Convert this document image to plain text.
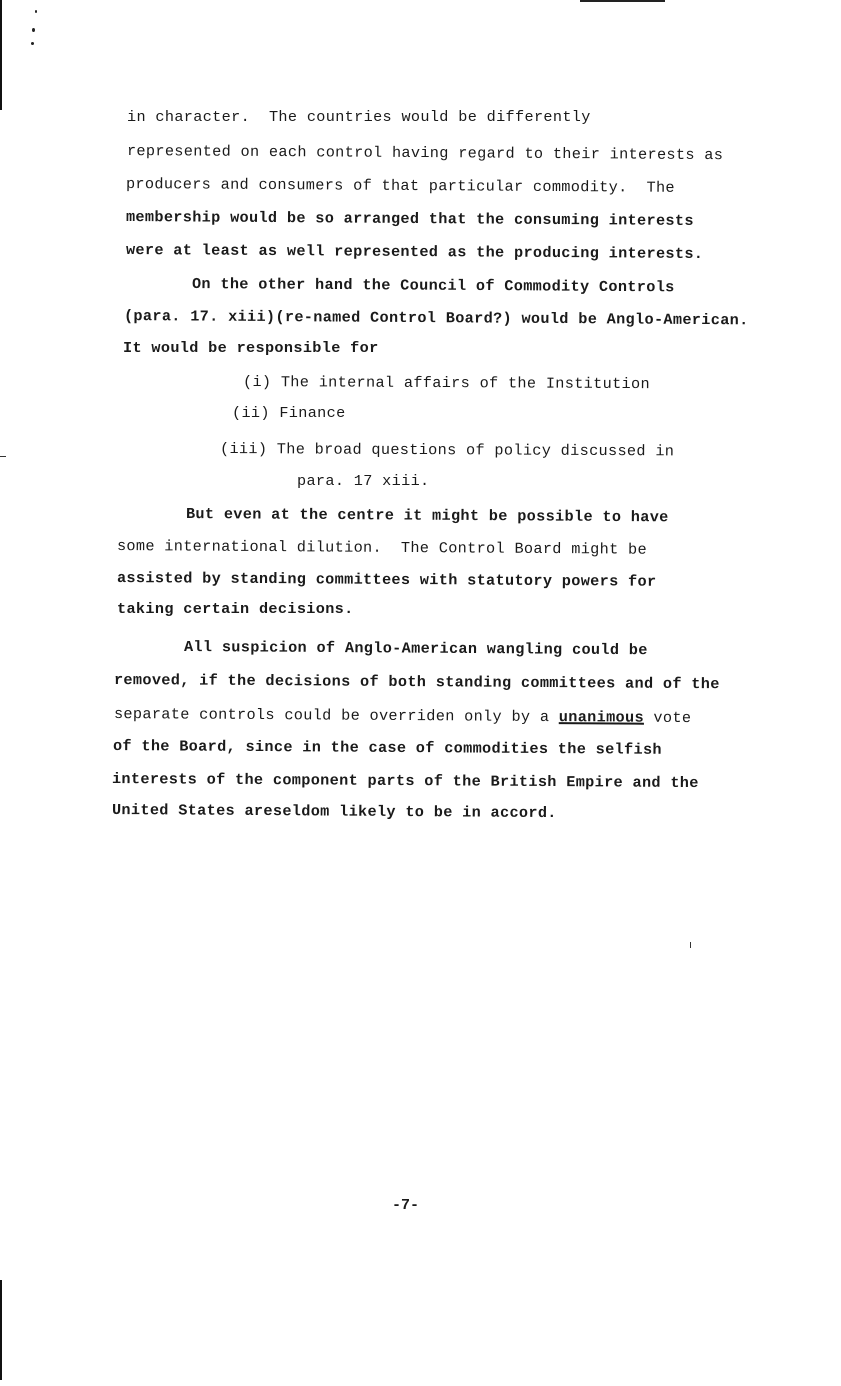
in character.  The countries would be differently
represented on each control having regard to their interests as
producers and consumers of that particular commodity.  The
membership would be so arranged that the consuming interests
were at least as well represented as the producing interests.
On the other hand the Council of Commodity Controls
(para. 17. xiii)(re-named Control Board?) would be Anglo-American.
It would be responsible for
(i) The internal affairs of the Institution
(ii) Finance
(iii) The broad questions of policy discussed in
para. 17 xiii.
But even at the centre it might be possible to have
some international dilution.  The Control Board might be
assisted by standing committees with statutory powers for
taking certain decisions.
All suspicion of Anglo-American wangling could be
removed, if the decisions of both standing committees and of the
separate controls could be overriden only by a unanimous vote
of the Board, since in the case of commodities the selfish
interests of the component parts of the British Empire and the
United States areseldom likely to be in accord.
-7-
